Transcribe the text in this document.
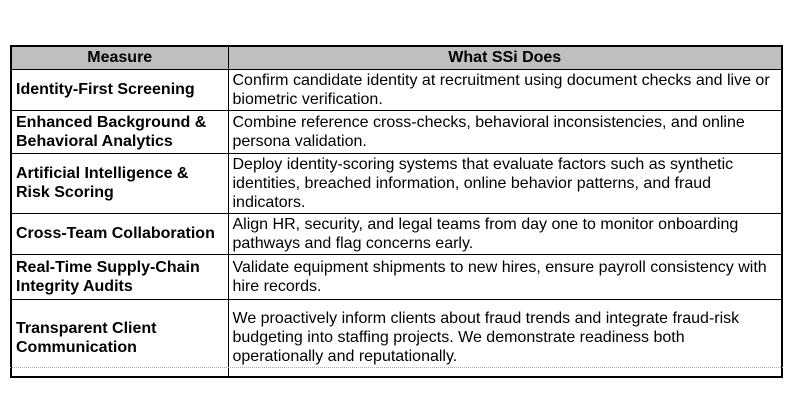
Measure	What SSi Does
Identity-First Screening	Confirm candidate identity at recruitment using document checks and live or biometric verification.
Enhanced Background & Behavioral Analytics	Combine reference cross-checks, behavioral inconsistencies, and online persona validation.
Artificial Intelligence & Risk Scoring	Deploy identity-scoring systems that evaluate factors such as synthetic identities, breached information, online behavior patterns, and fraud indicators.
Cross-Team Collaboration	Align HR, security, and legal teams from day one to monitor onboarding pathways and flag concerns early.
Real-Time Supply-Chain Integrity Audits	Validate equipment shipments to new hires, ensure payroll consistency with hire records.
Transparent Client Communication	We proactively inform clients about fraud trends and integrate fraud-risk budgeting into staffing projects. We demonstrate readiness both operationally and reputationally.
